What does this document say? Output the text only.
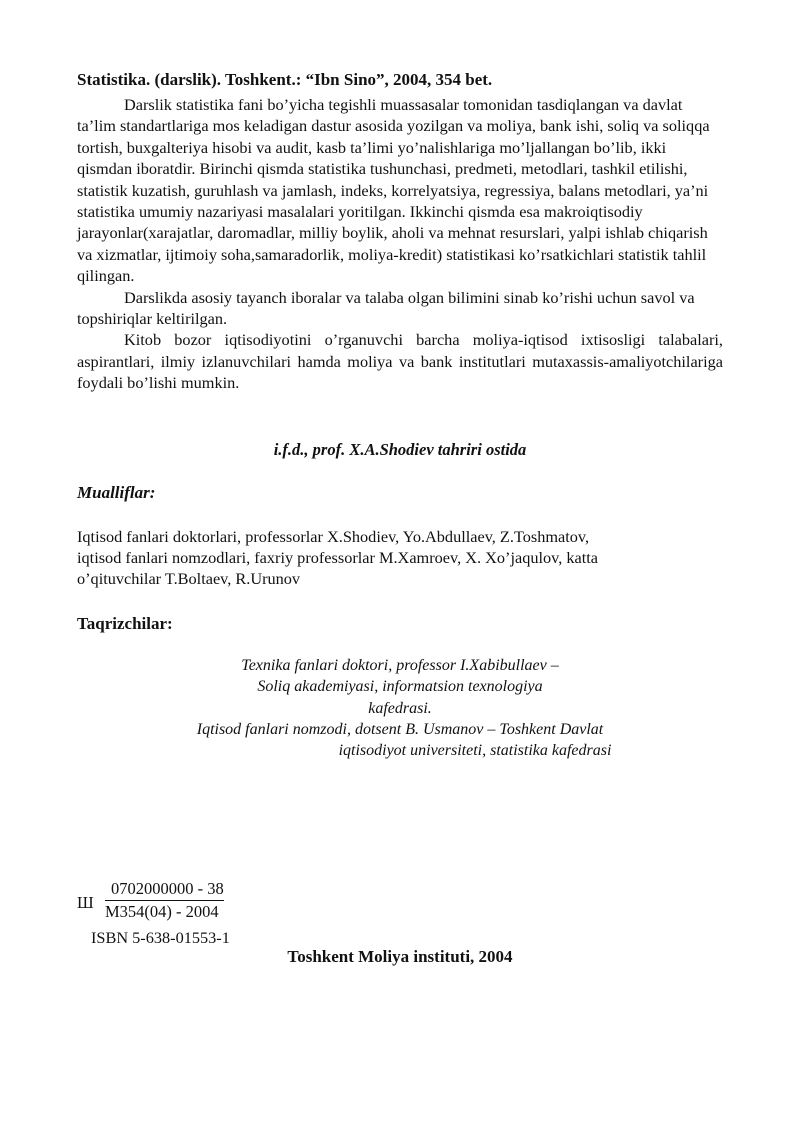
Statistika. (darslik). Toshkent.: “Ibn Sino”, 2004, 354 bet.

Darslik statistika fani bo’yicha tegishli muassasalar tomonidan tasdiqlangan va davlat ta’lim standartlariga mos keladigan dastur asosida yozilgan va moliya, bank ishi, soliq va soliqqa tortish, buxgalteriya hisobi va audit, kasb ta’limi yo’nalishlariga mo’ljallangan bo’lib, ikki qismdan iboratdir. Birinchi qismda statistika tushunchasi, predmeti, metodlari, tashkil etilishi, statistik kuzatish, guruhlash va jamlash, indeks, korrelyatsiya, regressiya, balans metodlari, ya’ni statistika umumiy nazariyasi masalalari yoritilgan. Ikkinchi qismda esa makroiqtisodiy jarayonlar(xarajatlar, daromadlar, milliy boylik, aholi va mehnat resurslari, yalpi ishlab chiqarish va xizmatlar, ijtimoiy soha,samaradorlik, moliya-kredit) statistikasi ko’rsatkichlari statistik tahlil qilingan.

Darslikda asosiy tayanch iboralar va talaba olgan biliminі sinab ko’rishi uchun savol va topshiriqlar keltirilgan.

Kitob bozor iqtisodiyotini o’rganuvchi barcha moliya-iqtisod ixtisosligi talabalari, aspirantlari, ilmiy izlanuvchilari hamda moliya va bank institutlari mutaxassis-amaliyotchilariga foydali bo’lishi mumkin.

i.f.d., prof. X.A.Shodiev tahriri ostida
Mualliflar:
Iqtisod fanlari doktorlari, professorlar X.Shodiev, Yo.Abdullaev, Z.Toshmatov,
iqtisod fanlari nomzodlari, faxriy professorlar M.Xamroev, X. Xo’jaqulov, katta
o’qituvchilar T.Boltaev, R.Urunov
Taqrizchilar:
Texnika fanlari doktori, professor I.Xabibullaev –
Soliq akademiyasi, informatsion texnologiya
kafedrasi.
Iqtisod fanlari nomzodi, dotsent B. Usmanov – Toshkent Davlat
iqtisodiyot universiteti, statistika kafedrasi
Ш $\frac{0702000000 - 38}{M354(04) - 2004}$
ISBN 5-638-01553-1
Toshkent Moliya instituti, 2004
